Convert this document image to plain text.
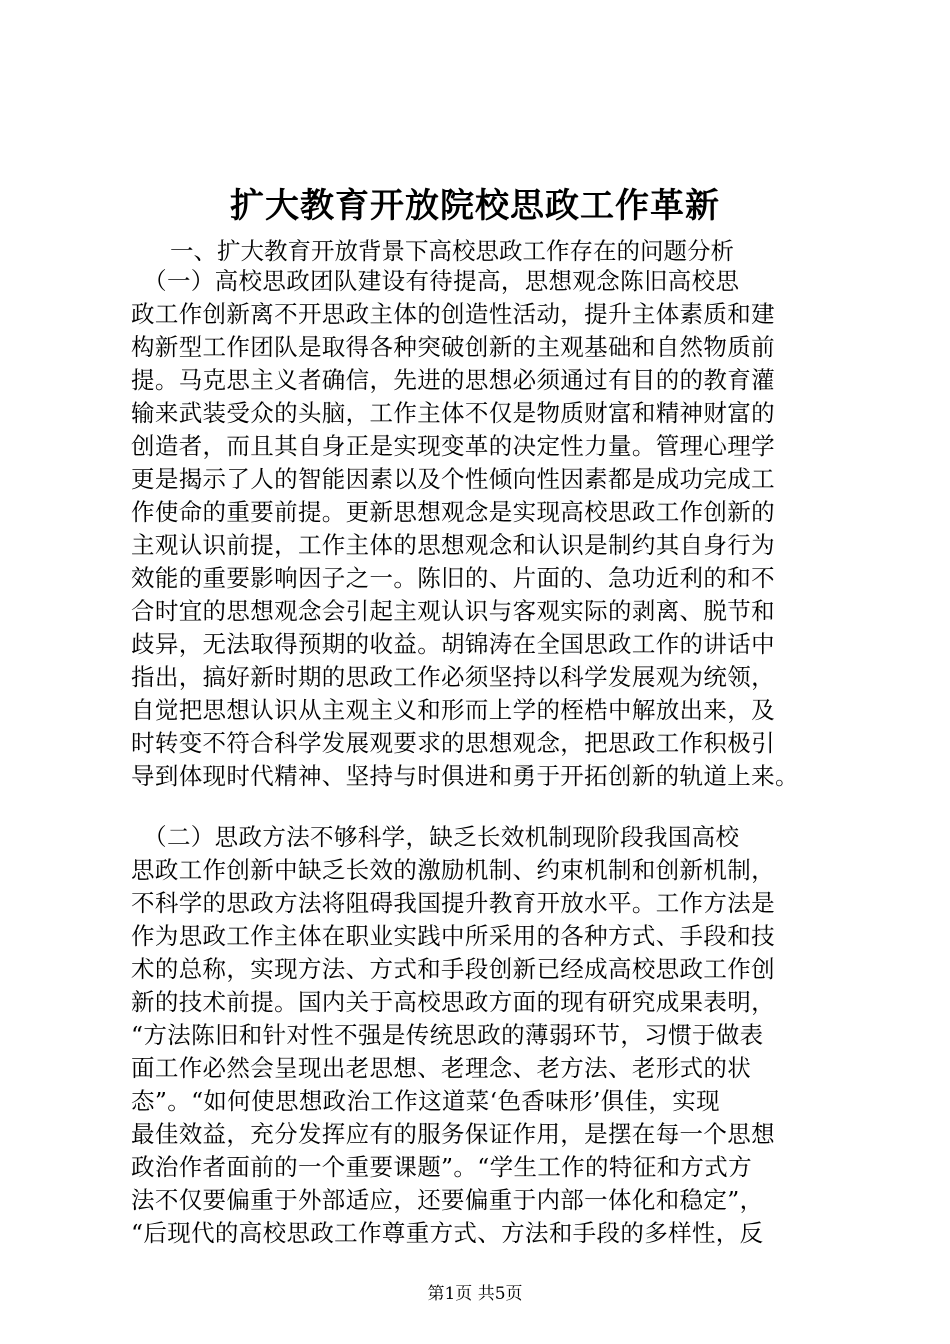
扩大教育开放院校思政工作革新
一、扩大教育开放背景下高校思政工作存在的问题分析
　（一）高校思政团队建设有待提高，思想观念陈旧高校思
政工作创新离不开思政主体的创造性活动，提升主体素质和建
构新型工作团队是取得各种突破创新的主观基础和自然物质前
提。马克思主义者确信，先进的思想必须通过有目的的教育灌
输来武装受众的头脑，工作主体不仅是物质财富和精神财富的
创造者，而且其自身正是实现变革的决定性力量。管理心理学
更是揭示了人的智能因素以及个性倾向性因素都是成功完成工
作使命的重要前提。更新思想观念是实现高校思政工作创新的
主观认识前提，工作主体的思想观念和认识是制约其自身行为
效能的重要影响因子之一。陈旧的、片面的、急功近利的和不
合时宜的思想观念会引起主观认识与客观实际的剥离、脱节和
歧异，无法取得预期的收益。胡锦涛在全国思政工作的讲话中
指出，搞好新时期的思政工作必须坚持以科学发展观为统领，
自觉把思想认识从主观主义和形而上学的桎梏中解放出来，及
时转变不符合科学发展观要求的思想观念，把思政工作积极引
导到体现时代精神、坚持与时俱进和勇于开拓创新的轨道上来。
　（二）思政方法不够科学，缺乏长效机制现阶段我国高校
思政工作创新中缺乏长效的激励机制、约束机制和创新机制，
不科学的思政方法将阻碍我国提升教育开放水平。工作方法是
作为思政工作主体在职业实践中所采用的各种方式、手段和技
术的总称，实现方法、方式和手段创新已经成高校思政工作创
新的技术前提。国内关于高校思政方面的现有研究成果表明，
“方法陈旧和针对性不强是传统思政的薄弱环节，习惯于做表
面工作必然会呈现出老思想、老理念、老方法、老形式的状
态”。“如何使思想政治工作这道菜‘色香味形’俱佳，实现
最佳效益，充分发挥应有的服务保证作用，是摆在每一个思想
政治作者面前的一个重要课题”。“学生工作的特征和方式方
法不仅要偏重于外部适应，还要偏重于内部一体化和稳定”，
“后现代的高校思政工作尊重方式、方法和手段的多样性，反
第1页 共5页
